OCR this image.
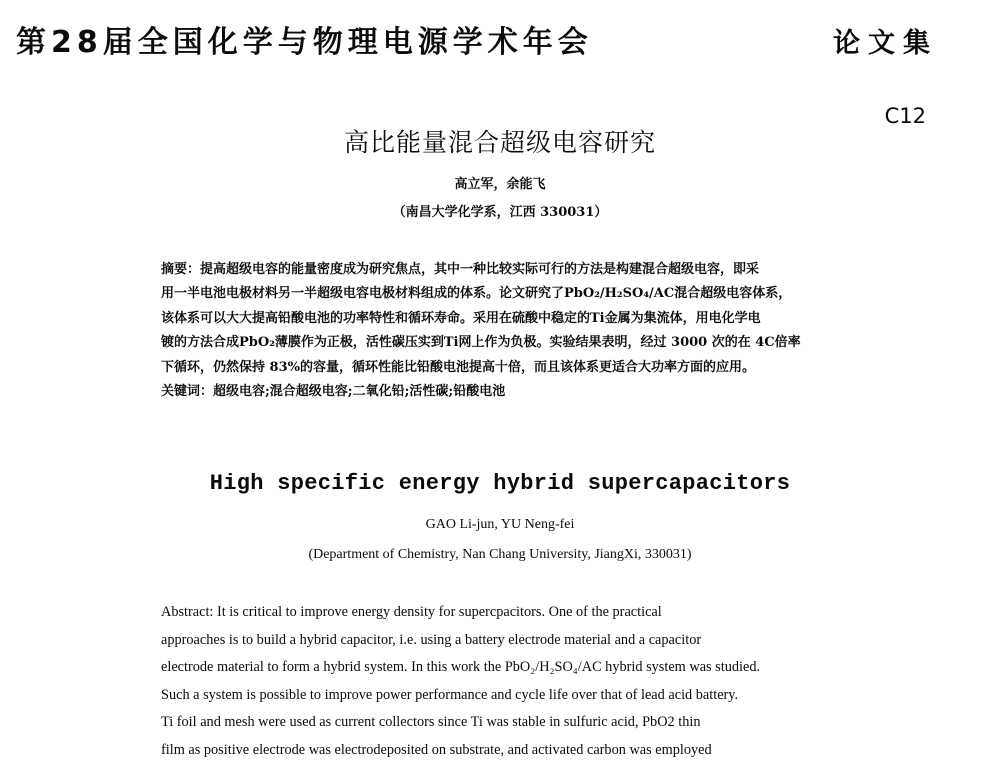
第28届全国化学与物理电源学术年会	论文集
C12
高比能量混合超级电容研究
高立军，余能飞
（南昌大学化学系，江西 330031）
摘要：提高超级电容的能量密度成为研究焦点，其中一种比较实际可行的方法是构建混合超级电容，即采
用一半电池电极材料另一半超级电容电极材料组成的体系。论文研究了PbO₂/H₂SO₄/AC混合超级电容体系，
该体系可以大大提高铅酸电池的功率特性和循环寿命。采用在硫酸中稳定的Ti金属为集流体，用电化学电
镀的方法合成PbO₂薄膜作为正极，活性碳压实到Ti网上作为负极。实验结果表明，经过 3000 次的在 4C倍率
下循环，仍然保持 83%的容量，循环性能比铅酸电池提高十倍，而且该体系更适合大功率方面的应用。
关键词：超级电容;混合超级电容;二氧化铅;活性碳;铅酸电池
High specific energy hybrid supercapacitors
GAO Li-jun, YU Neng-fei
(Department of Chemistry, Nan Chang University, JiangXi, 330031)
Abstract: It is critical to improve energy density for supercpacitors. One of the practical
approaches is to build a hybrid capacitor, i.e. using a battery electrode material and a capacitor
electrode material to form a hybrid system. In this work the PbO₂/H₂SO₄/AC hybrid system was studied.
Such a system is possible to improve power performance and cycle life over that of lead acid battery.
Ti foil and mesh were used as current collectors since Ti was stable in sulfuric acid, PbO2 thin
film as positive electrode was electrodeposited on substrate, and activated carbon was employed
